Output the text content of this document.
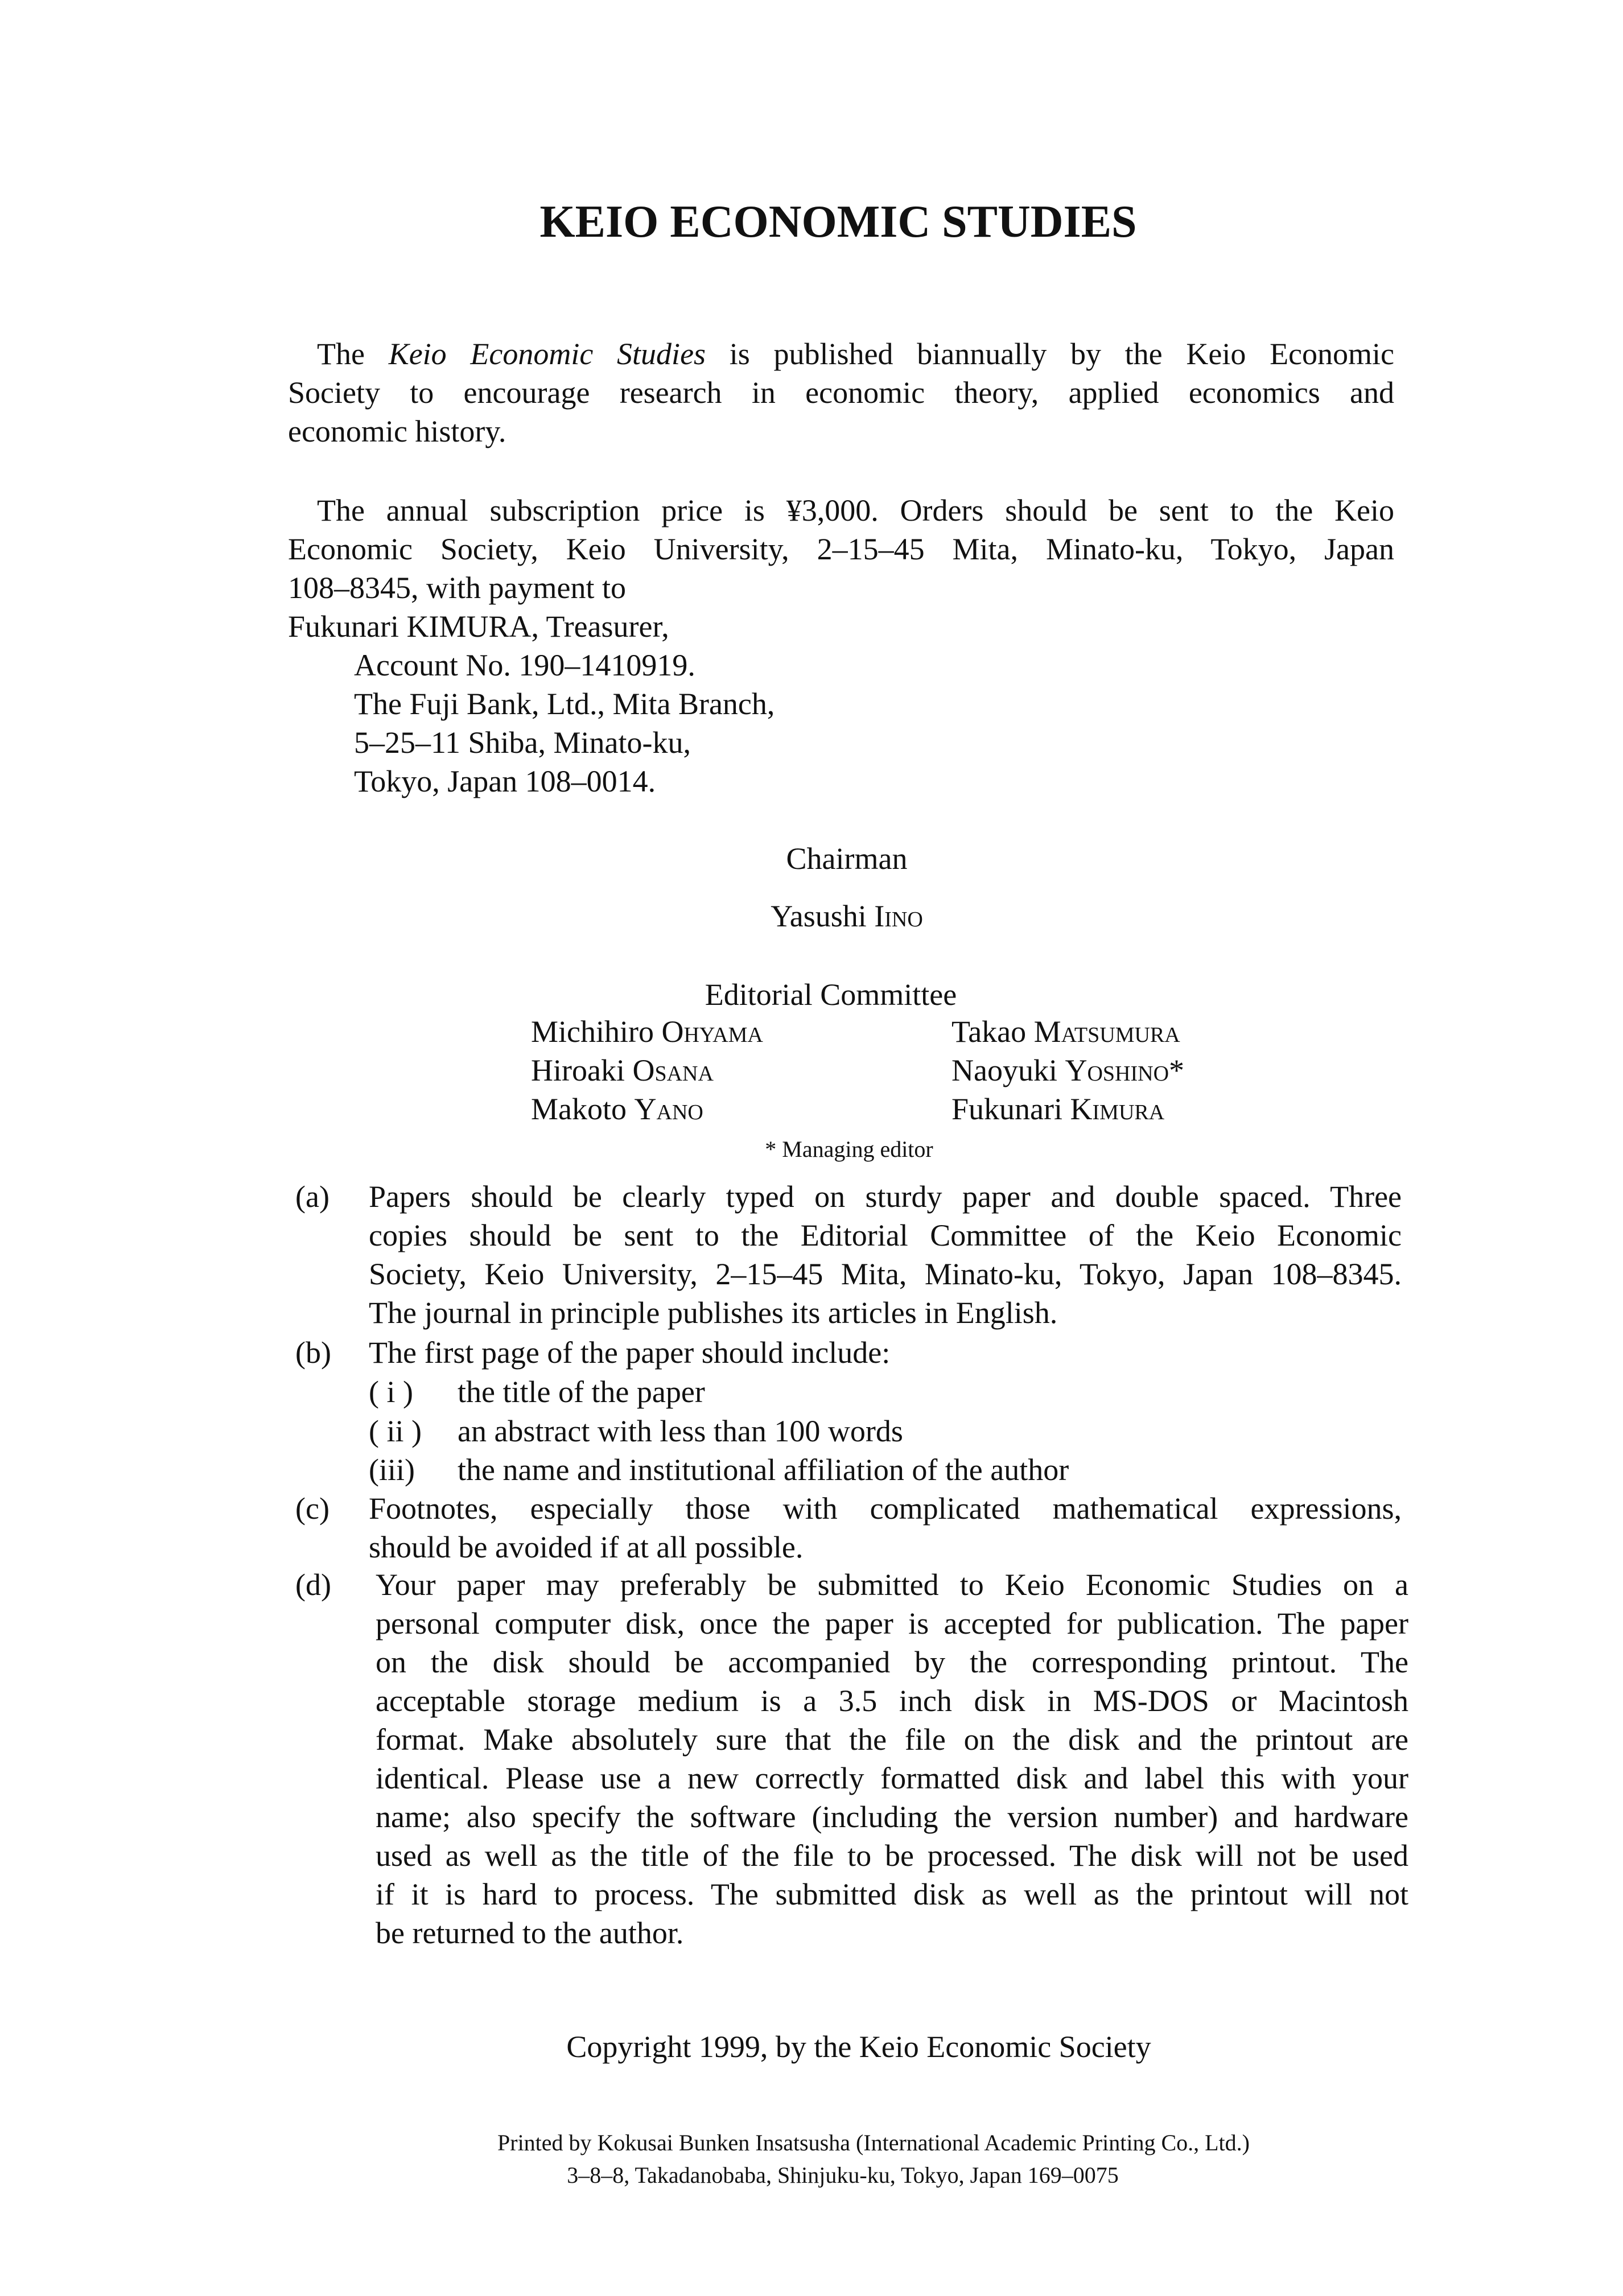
KEIO ECONOMIC STUDIES
The Keio Economic Studies is published biannually by the Keio Economic
Society to encourage research in economic theory, applied economics and
economic history.
The annual subscription price is ¥3,000. Orders should be sent to the Keio
Economic Society, Keio University, 2–15–45 Mita, Minato-ku, Tokyo, Japan
108–8345, with payment to
Fukunari KIMURA, Treasurer,
Account No. 190–1410919.
The Fuji Bank, Ltd., Mita Branch,
5–25–11 Shiba, Minato-ku,
Tokyo, Japan 108–0014.
Chairman
Yasushi Iino
Editorial Committee
Michihiro Ohyama	Takao Matsumura
Hiroaki Osana	Naoyuki Yoshino*
Makoto Yano	Fukunari Kimura
* Managing editor
(a) Papers should be clearly typed on sturdy paper and double spaced. Three
copies should be sent to the Editorial Committee of the Keio Economic
Society, Keio University, 2–15–45 Mita, Minato-ku, Tokyo, Japan 108–8345.
The journal in principle publishes its articles in English.
(b) The first page of the paper should include:
( i ) the title of the paper
( ii ) an abstract with less than 100 words
(iii) the name and institutional affiliation of the author
(c) Footnotes, especially those with complicated mathematical expressions,
should be avoided if at all possible.
(d) Your paper may preferably be submitted to Keio Economic Studies on a
personal computer disk, once the paper is accepted for publication. The paper
on the disk should be accompanied by the corresponding printout. The
acceptable storage medium is a 3.5 inch disk in MS-DOS or Macintosh
format. Make absolutely sure that the file on the disk and the printout are
identical. Please use a new correctly formatted disk and label this with your
name; also specify the software (including the version number) and hardware
used as well as the title of the file to be processed. The disk will not be used
if it is hard to process. The submitted disk as well as the printout will not
be returned to the author.
Copyright 1999, by the Keio Economic Society
Printed by Kokusai Bunken Insatsusha (International Academic Printing Co., Ltd.)
3–8–8, Takadanobaba, Shinjuku-ku, Tokyo, Japan 169–0075
